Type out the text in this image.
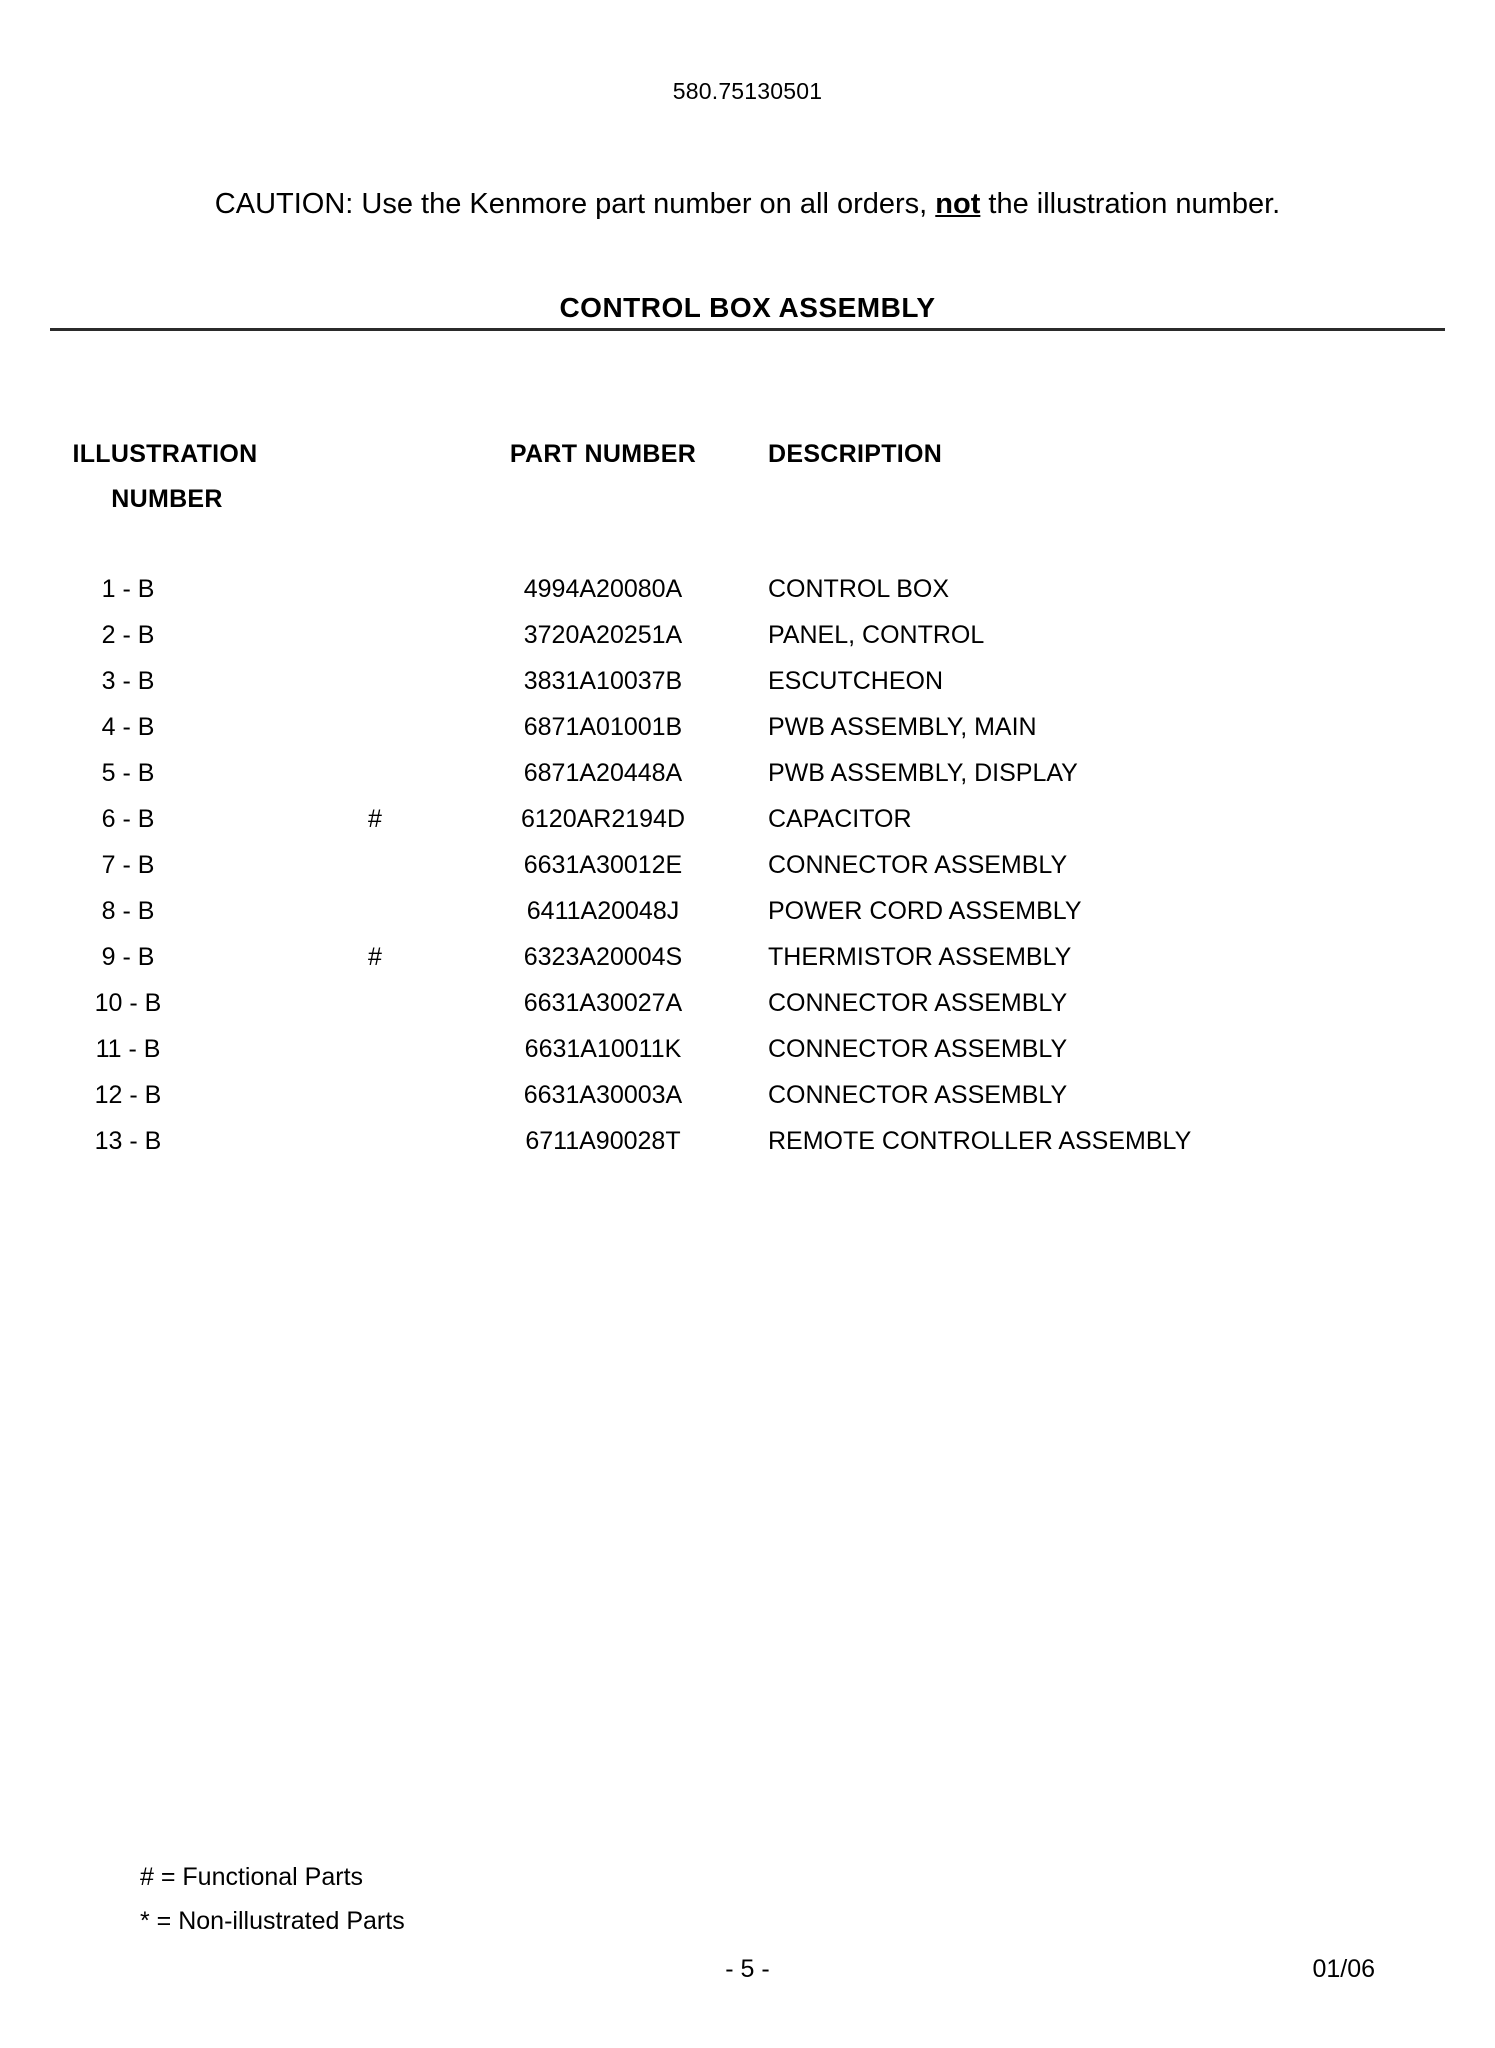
580.75130501
CAUTION: Use the Kenmore part number on all orders, not the illustration number.
CONTROL BOX ASSEMBLY
ILLUSTRATION
NUMBER		PART NUMBER	DESCRIPTION

1 - B		4994A20080A	CONTROL BOX
2 - B		3720A20251A	PANEL, CONTROL
3 - B		3831A10037B	ESCUTCHEON
4 - B		6871A01001B	PWB ASSEMBLY, MAIN
5 - B		6871A20448A	PWB ASSEMBLY, DISPLAY
6 - B	#	6120AR2194D	CAPACITOR
7 - B		6631A30012E	CONNECTOR ASSEMBLY
8 - B		6411A20048J	POWER CORD ASSEMBLY
9 - B	#	6323A20004S	THERMISTOR ASSEMBLY
10 - B		6631A30027A	CONNECTOR ASSEMBLY
11 - B		6631A10011K	CONNECTOR ASSEMBLY
12 - B		6631A30003A	CONNECTOR ASSEMBLY
13 - B		6711A90028T	REMOTE CONTROLLER ASSEMBLY
# = Functional Parts
* = Non-illustrated Parts
- 5 -	01/06
